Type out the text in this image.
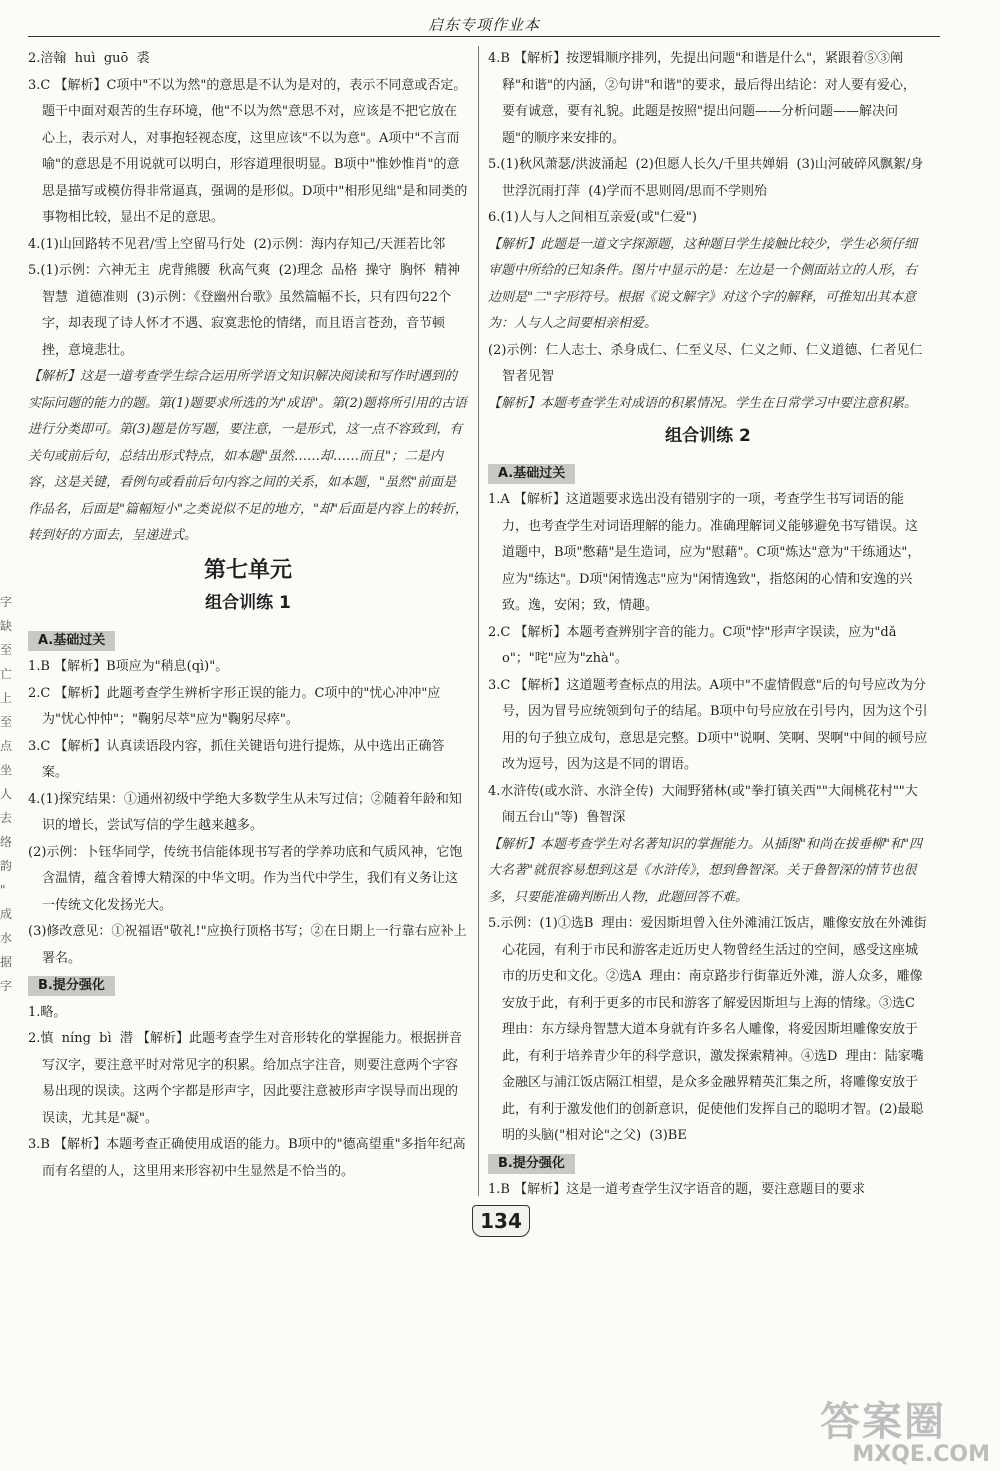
启东专项作业本

2.涪翰  huì  guō  裘

3.C 【解析】C项中"不以为然"的意思是不认为是对的，表示不同意或否定。题干中面对艰苦的生存环境，他"不以为然"意思不对，应该是不把它放在心上，表示对人，对事抱轻视态度，这里应该"不以为意"。A项中"不言而喻"的意思是不用说就可以明白，形容道理很明显。B项中"惟妙惟肖"的意思是描写或模仿得非常逼真，强调的是形似。D项中"相形见绌"是和同类的事物相比较，显出不足的意思。

4.(1)山回路转不见君/雪上空留马行处  (2)示例：海内存知己/天涯若比邻

5.(1)示例：六神无主  虎背熊腰  秋高气爽  (2)理念  品格  操守  胸怀  精神  智慧  道德准则  (3)示例：《登幽州台歌》虽然篇幅不长，只有四句22个字，却表现了诗人怀才不遇、寂寞悲怆的情绪，而且语言苍劲，音节顿挫，意境悲壮。

【解析】这是一道考查学生综合运用所学语文知识解决阅读和写作时遇到的实际问题的能力的题。第(1)题要求所选的为"成语"。第(2)题将所引用的古语进行分类即可。第(3)题是仿写题，要注意，一是形式，这一点不容致到，有关句或前后句，总结出形式特点，如本题"虽然……却……而且"；二是内容，这是关键，看例句或看前后句内容之间的关系，如本题，"虽然"前面是作品名，后面是"篇幅短小"之类说似不足的地方，"却"后面是内容上的转折，转到好的方面去，呈递进式。

第七单元
组合训练 1
A.基础过关

1.B 【解析】B项应为"稍息(qì)"。

2.C 【解析】此题考查学生辨析字形正误的能力。C项中的"忧心冲冲"应为"忧心忡忡"；"鞠躬尽萃"应为"鞠躬尽瘁"。

3.C 【解析】认真读语段内容，抓住关键语句进行提炼，从中选出正确答案。

4.(1)探究结果：①通州初级中学绝大多数学生从未写过信；②随着年龄和知识的增长，尝试写信的学生越来越多。

(2)示例：卜钰华同学，传统书信能体现书写者的学养功底和气质风神，它饱含温情，蕴含着博大精深的中华文明。作为当代中学生，我们有义务让这一传统文化发扬光大。

(3)修改意见：①祝福语"敬礼!"应换行顶格书写；②在日期上一行靠右应补上署名。

B.提分强化

1.略。

2.慎  níng  bì  潜 【解析】此题考查学生对音形转化的掌握能力。根据拼音写汉字，要注意平时对常见字的积累。给加点字注音，则要注意两个字容易出现的误读。这两个字都是形声字，因此要注意被形声字误导而出现的误读，尤其是"凝"。

3.B 【解析】本题考查正确使用成语的能力。B项中的"德高望重"多指年纪高而有名望的人，这里用来形容初中生显然是不恰当的。

4.B 【解析】按逻辑顺序排列，先提出问题"和谐是什么"，紧跟着⑤③阐释"和谐"的内涵，②句讲"和谐"的要求，最后得出结论：对人要有爱心，要有诚意，要有礼貌。此题是按照"提出问题——分析问题——解决问题"的顺序来安排的。

5.(1)秋风萧瑟/洪波涌起  (2)但愿人长久/千里共婵娟  (3)山河破碎风飘絮/身世浮沉雨打萍  (4)学而不思则罔/思而不学则殆

6.(1)人与人之间相互亲爱(或"仁爱")

【解析】此题是一道文字探源题，这种题目学生接触比较少，学生必须仔细审题中所给的已知条件。图片中显示的是：左边是一个侧面站立的人形，右边则是"二"字形符号。根据《说文解字》对这个字的解释，可推知出其本意为：人与人之间要相亲相爱。

(2)示例：仁人志士、杀身成仁、仁至义尽、仁义之师、仁义道德、仁者见仁智者见智

【解析】本题考查学生对成语的积累情况。学生在日常学习中要注意积累。

组合训练 2
A.基础过关

1.A 【解析】这道题要求选出没有错别字的一项，考查学生书写词语的能力，也考查学生对词语理解的能力。准确理解词义能够避免书写错误。这道题中，B项"憋藉"是生造词，应为"慰藉"。C项"炼达"意为"干练通达"，应为"练达"。D项"闲情逸志"应为"闲情逸致"，指悠闲的心情和安逸的兴致。逸，安闲；致，情趣。

2.C 【解析】本题考查辨别字音的能力。C项"悖"形声字误读，应为"dǎo"；"咤"应为"zhà"。

3.C 【解析】这道题考查标点的用法。A项中"不虚情假意"后的句号应改为分号，因为冒号应统领到句子的结尾。B项中句号应放在引号内，因为这个引用的句子独立成句，意思是完整。D项中"说啊、笑啊、哭啊"中间的顿号应改为逗号，因为这是不同的谓语。

4.水浒传(或水浒、水浒全传)  大闹野猪林(或"拳打镇关西""大闹桃花村""大闹五台山"等)  鲁智深

【解析】本题考查学生对名著知识的掌握能力。从插图"和尚在拔垂柳"和"四大名著"就很容易想到这是《水浒传》，想到鲁智深。关于鲁智深的情节也很多，只要能准确判断出人物，此题回答不难。

5.示例：(1)①选B  理由：爱因斯坦曾入住外滩浦江饭店，雕像安放在外滩街心花园，有利于市民和游客走近历史人物曾经生活过的空间，感受这座城市的历史和文化。②选A  理由：南京路步行街靠近外滩，游人众多，雕像安放于此，有利于更多的市民和游客了解爱因斯坦与上海的情缘。③选C  理由：东方绿舟智慧大道本身就有许多名人雕像，将爱因斯坦雕像安放于此，有利于培养青少年的科学意识，激发探索精神。④选D  理由：陆家嘴金融区与浦江饭店隔江相望，是众多金融界精英汇集之所，将雕像安放于此，有利于激发他们的创新意识，促使他们发挥自己的聪明才智。(2)最聪明的头脑("相对论"之父)  (3)BE

B.提分强化

1.B 【解析】这是一道考查学生汉字语音的题，要注意题目的要求

字
缺
至
亡
上
至
点
坐
人
去
络
韵
"
成
水
据
字
134
答案圈
MXQE.COM
